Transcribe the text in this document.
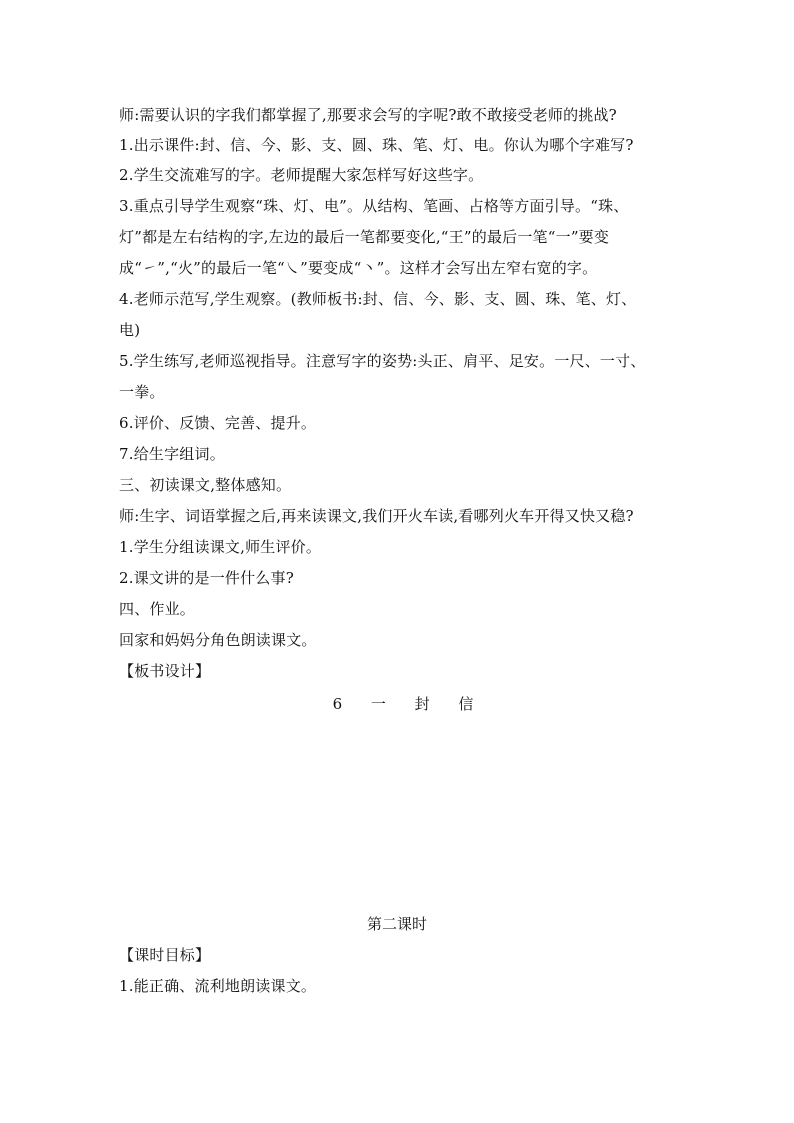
师:需要认识的字我们都掌握了,那要求会写的字呢?敢不敢接受老师的挑战?
1.出示课件:封、信、今、影、支、圆、珠、笔、灯、电。你认为哪个字难写?
2.学生交流难写的字。老师提醒大家怎样写好这些字。
3.重点引导学生观察“珠、灯、电”。从结构、笔画、占格等方面引导。“珠、
灯”都是左右结构的字,左边的最后一笔都要变化,“王”的最后一笔“一”要变
成“㇀”,“火”的最后一笔“㇏”要变成“丶”。这样才会写出左窄右宽的字。
4.老师示范写,学生观察。(教师板书:封、信、今、影、支、圆、珠、笔、灯、
电)
5.学生练写,老师巡视指导。注意写字的姿势:头正、肩平、足安。一尺、一寸、
一拳。
6.评价、反馈、完善、提升。
7.给生字组词。
三、初读课文,整体感知。
师:生字、词语掌握之后,再来读课文,我们开火车读,看哪列火车开得又快又稳?
1.学生分组读课文,师生评价。
2.课文讲的是一件什么事?
四、作业。
回家和妈妈分角色朗读课文。
【板书设计】
6 一 封 信
第二课时
【课时目标】
1.能正确、流利地朗读课文。
